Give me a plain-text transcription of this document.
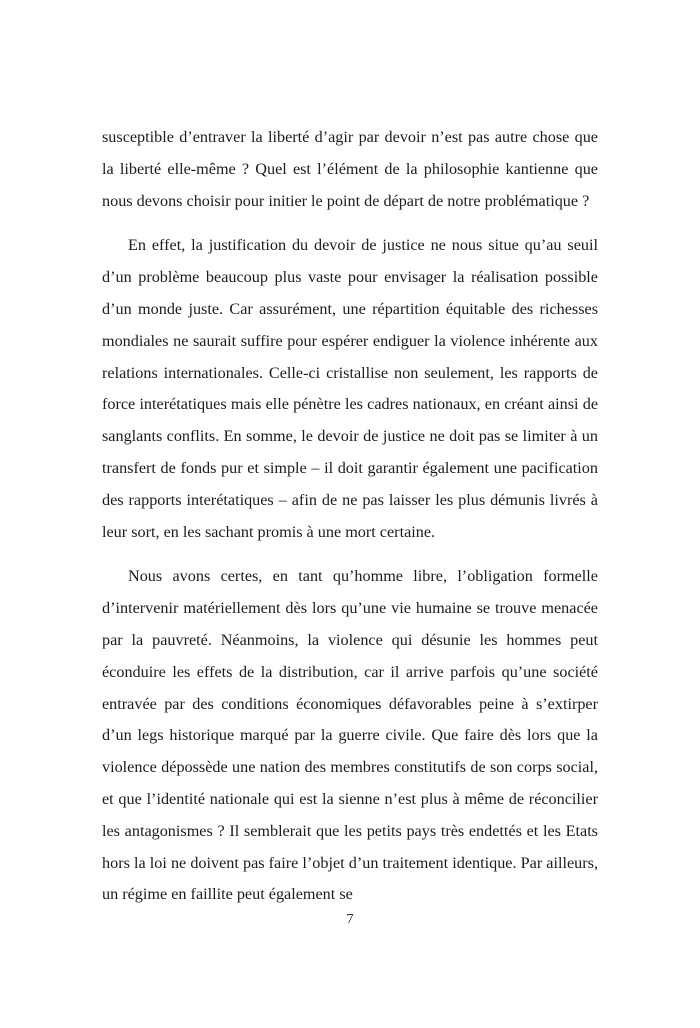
susceptible d’entraver la liberté d’agir par devoir n’est pas autre chose que la liberté elle-même ? Quel est l’élément de la philosophie kantienne que nous devons choisir pour initier le point de départ de notre problématique ?

En effet, la justification du devoir de justice ne nous situe qu’au seuil d’un problème beaucoup plus vaste pour envisager la réalisation possible d’un monde juste. Car assurément, une répartition équitable des richesses mondiales ne saurait suffire pour espérer endiguer la violence inhérente aux relations internationales. Celle-ci cristallise non seulement, les rapports de force interétatiques mais elle pénètre les cadres nationaux, en créant ainsi de sanglants conflits. En somme, le devoir de justice ne doit pas se limiter à un transfert de fonds pur et simple – il doit garantir également une pacification des rapports interétatiques – afin de ne pas laisser les plus démunis livrés à leur sort, en les sachant promis à une mort certaine.

Nous avons certes, en tant qu’homme libre, l’obligation formelle d’intervenir matériellement dès lors qu’une vie humaine se trouve menacée par la pauvreté. Néanmoins, la violence qui désunie les hommes peut éconduire les effets de la distribution, car il arrive parfois qu’une société entravée par des conditions économiques défavorables peine à s’extirper d’un legs historique marqué par la guerre civile. Que faire dès lors que la violence dépossède une nation des membres constitutifs de son corps social, et que l’identité nationale qui est la sienne n’est plus à même de réconcilier les antagonismes ? Il semblerait que les petits pays très endettés et les Etats hors la loi ne doivent pas faire l’objet d’un traitement identique. Par ailleurs, un régime en faillite peut également se

7
